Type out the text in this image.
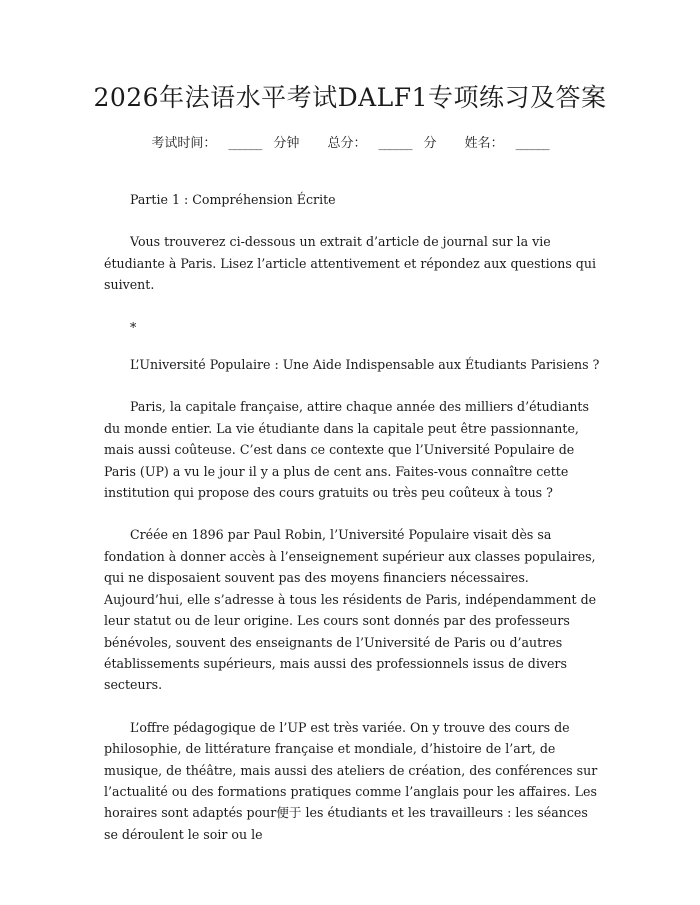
2026年法语水平考试DALF1专项练习及答案
考试时间： ______ 分钟 总分： ______ 分 姓名： ______

Partie 1 : Compréhension Écrite

Vous trouverez ci-dessous un extrait d’article de journal sur la vie étudiante à Paris. Lisez l’article attentivement et répondez aux questions qui suivent.

*

L’Université Populaire : Une Aide Indispensable aux Étudiants Parisiens ?

Paris, la capitale française, attire chaque année des milliers d’étudiants du monde entier. La vie étudiante dans la capitale peut être passionnante, mais aussi coûteuse. C’est dans ce contexte que l’Université Populaire de Paris (UP) a vu le jour il y a plus de cent ans. Faites-vous connaître cette institution qui propose des cours gratuits ou très peu coûteux à tous ?

Créée en 1896 par Paul Robin, l’Université Populaire visait dès sa fondation à donner accès à l’enseignement supérieur aux classes populaires, qui ne disposaient souvent pas des moyens financiers nécessaires. Aujourd’hui, elle s’adresse à tous les résidents de Paris, indépendamment de leur statut ou de leur origine. Les cours sont donnés par des professeurs bénévoles, souvent des enseignants de l’Université de Paris ou d’autres établissements supérieurs, mais aussi des professionnels issus de divers secteurs.

L’offre pédagogique de l’UP est très variée. On y trouve des cours de philosophie, de littérature française et mondiale, d’histoire de l’art, de musique, de théâtre, mais aussi des ateliers de création, des conférences sur l’actualité ou des formations pratiques comme l’anglais pour les affaires. Les horaires sont adaptés pour便于 les étudiants et les travailleurs : les séances se déroulent le soir ou le
